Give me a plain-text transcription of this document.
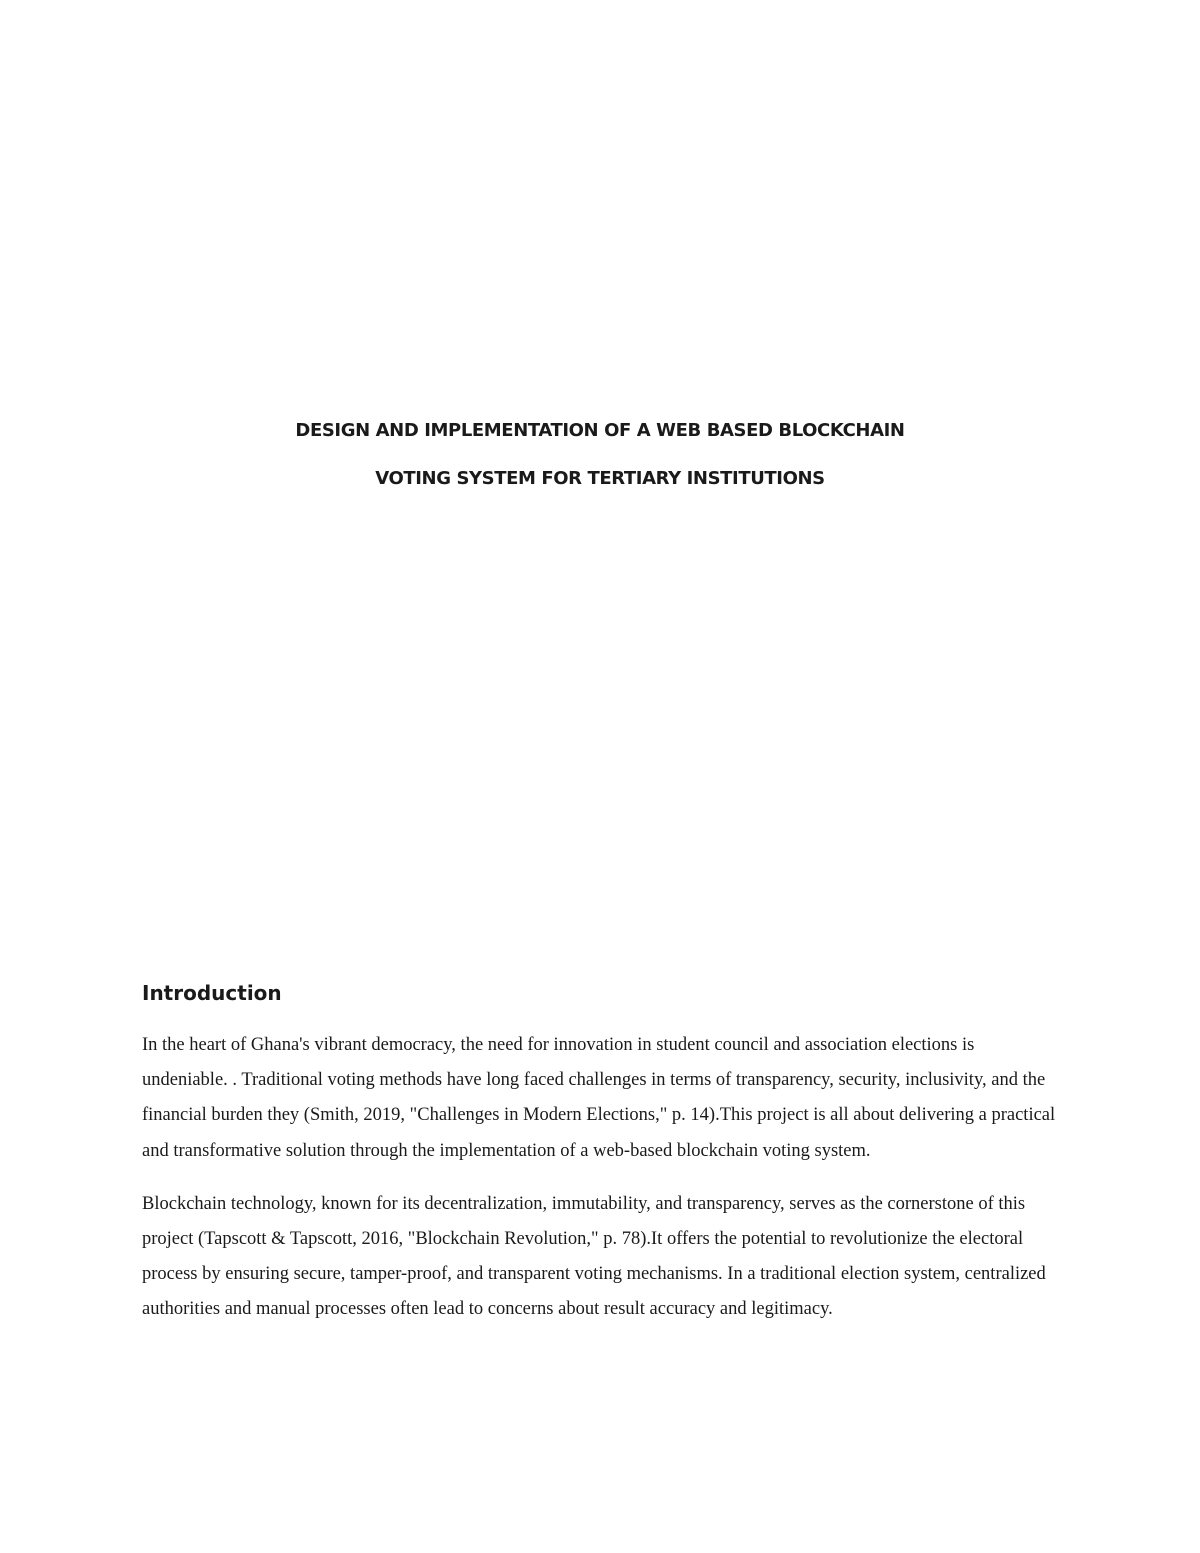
DESIGN AND IMPLEMENTATION OF A WEB BASED BLOCKCHAIN
VOTING SYSTEM FOR TERTIARY INSTITUTIONS
Introduction

In the heart of Ghana's vibrant democracy, the need for innovation in student council and association elections is undeniable. . Traditional voting methods have long faced challenges in terms of transparency, security, inclusivity, and the financial burden they (Smith, 2019, "Challenges in Modern Elections," p. 14).This project is all about delivering a practical and transformative solution through the implementation of a web-based blockchain voting system.

Blockchain technology, known for its decentralization, immutability, and transparency, serves as the cornerstone of this project (Tapscott & Tapscott, 2016, "Blockchain Revolution," p. 78).It offers the potential to revolutionize the electoral process by ensuring secure, tamper-proof, and transparent voting mechanisms. In a traditional election system, centralized authorities and manual processes often lead to concerns about result accuracy and legitimacy.
